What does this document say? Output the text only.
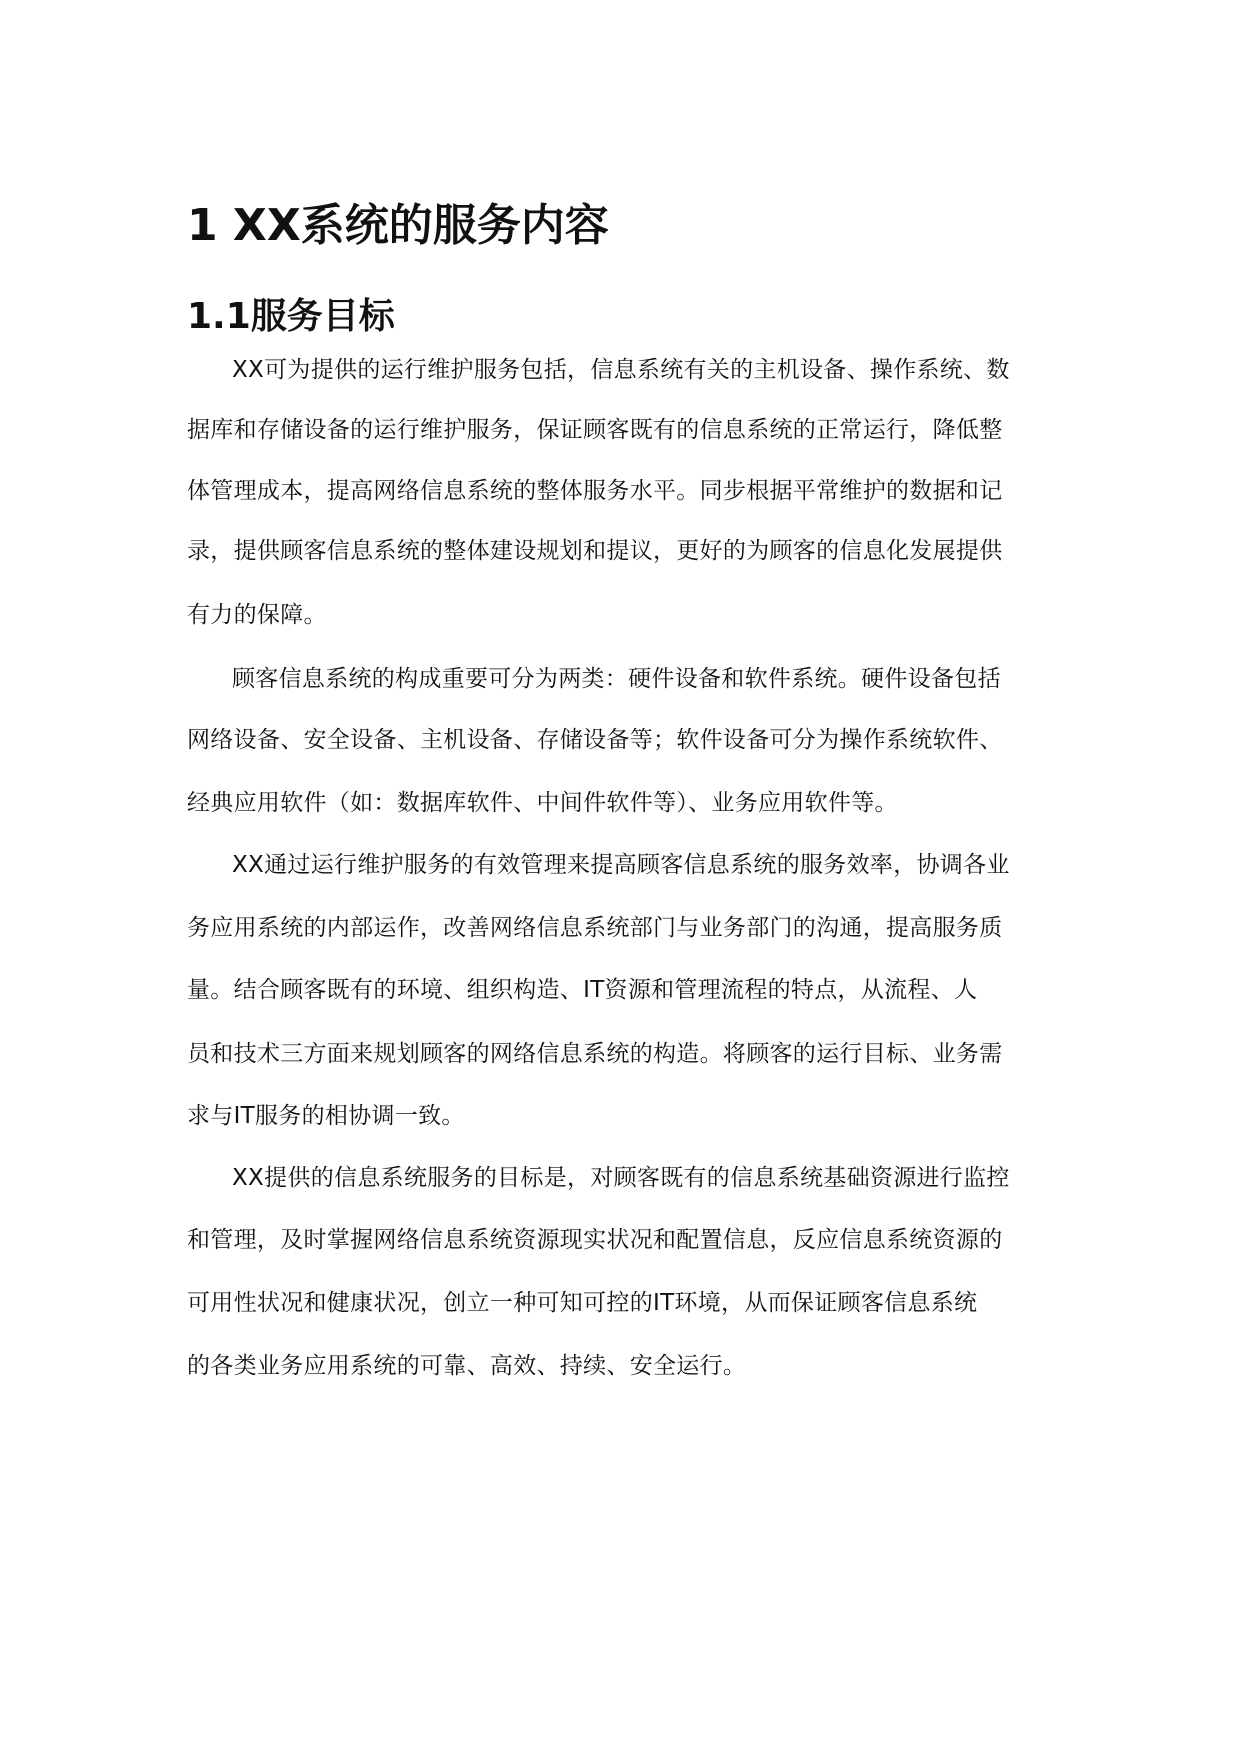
1 XX系统的服务内容
1.1服务目标
XX可为提供的运行维护服务包括，信息系统有关的主机设备、操作系统、数
据库和存储设备的运行维护服务，保证顾客既有的信息系统的正常运行，降低整
体管理成本，提高网络信息系统的整体服务水平。同步根据平常维护的数据和记
录，提供顾客信息系统的整体建设规划和提议，更好的为顾客的信息化发展提供
有力的保障。
顾客信息系统的构成重要可分为两类：硬件设备和软件系统。硬件设备包括
网络设备、安全设备、主机设备、存储设备等；软件设备可分为操作系统软件、
经典应用软件（如：数据库软件、中间件软件等）、业务应用软件等。
XX通过运行维护服务的有效管理来提高顾客信息系统的服务效率，协调各业
务应用系统的内部运作，改善网络信息系统部门与业务部门的沟通，提高服务质
量。结合顾客既有的环境、组织构造、IT资源和管理流程的特点，从流程、人
员和技术三方面来规划顾客的网络信息系统的构造。将顾客的运行目标、业务需
求与IT服务的相协调一致。
XX提供的信息系统服务的目标是，对顾客既有的信息系统基础资源进行监控
和管理，及时掌握网络信息系统资源现实状况和配置信息，反应信息系统资源的
可用性状况和健康状况，创立一种可知可控的IT环境，从而保证顾客信息系统
的各类业务应用系统的可靠、高效、持续、安全运行。
